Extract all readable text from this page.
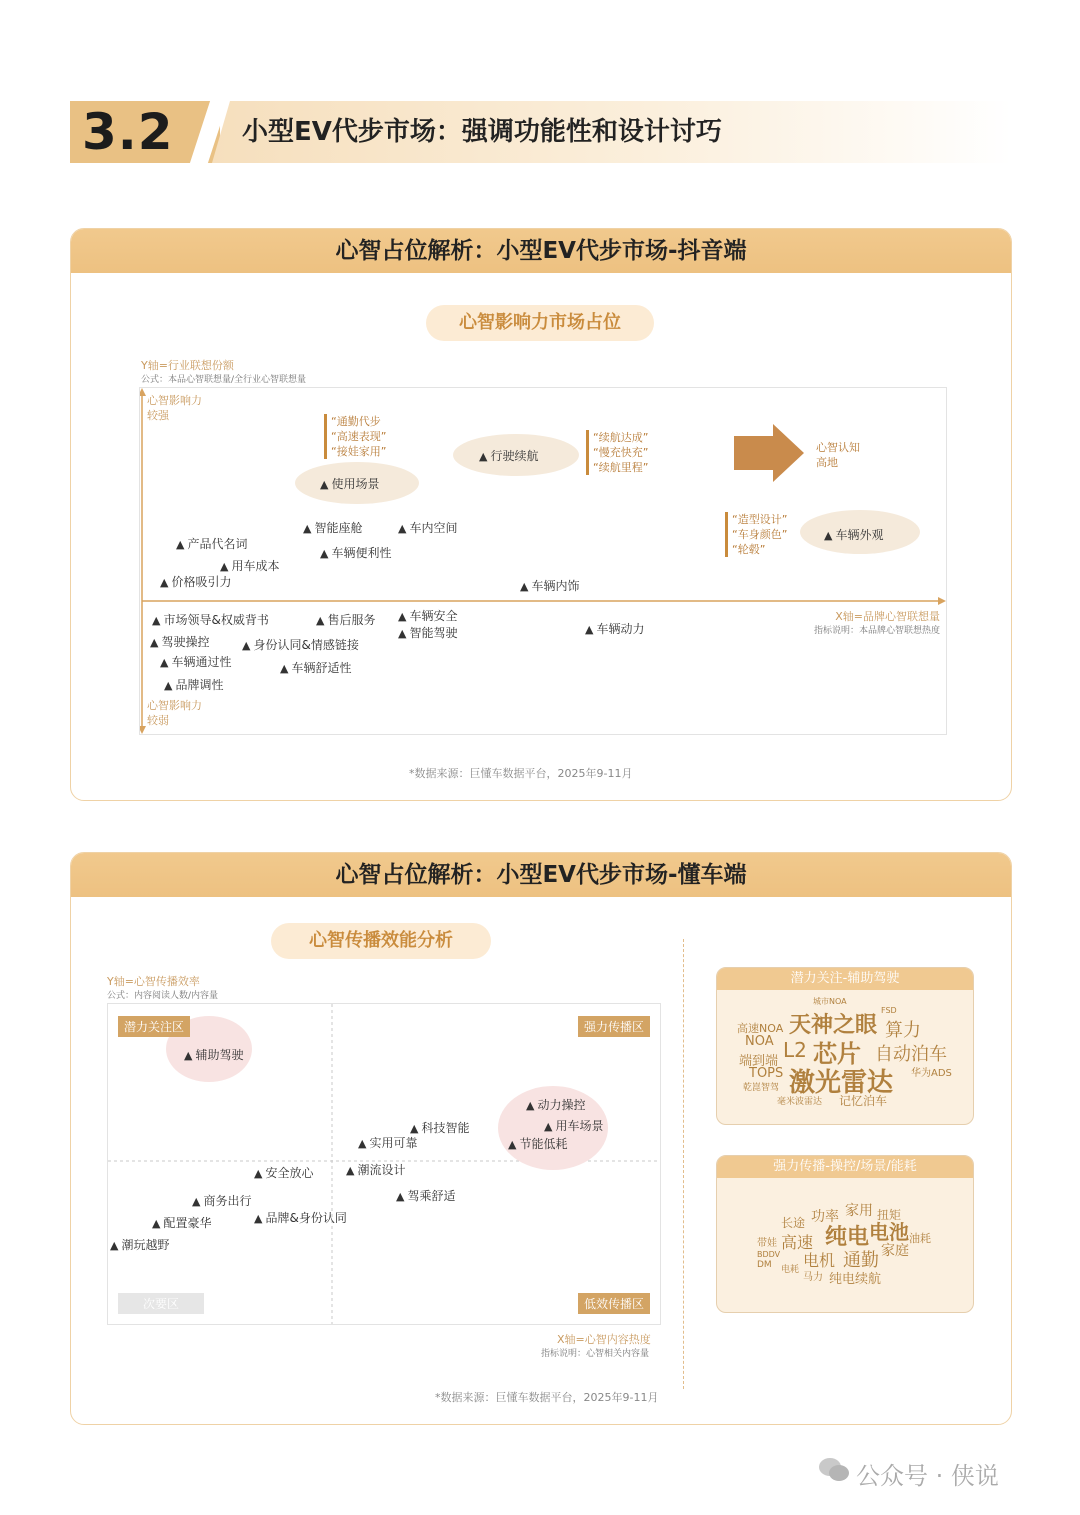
3.2	小型EV代步市场：强调功能性和设计讨巧
心智占位解析：小型EV代步市场-抖音端
心智影响力市场占位
Y轴=行业联想份额
公式：本品心智联想量/全行业心智联想量
心智影响力
较强
心智影响力
较弱
心智认知
高地
X轴=品牌心智联想量
指标说明：本品牌心智联想热度
“通勤代步
“高速表现”
“接娃家用”
“续航达成”
“慢充快充”
“续航里程”
“造型设计”
“车身颜色”
“轮毂”
▲ 使用场景
▲ 行驶续航
▲ 车辆外观
▲ 智能座舱	▲ 车内空间
▲ 车辆便利性
▲ 产品代名词
▲ 用车成本
▲ 价格吸引力	▲ 车辆内饰
▲ 市场领导&权威背书	▲ 售后服务 ▲ 车辆安全
▲ 智能驾驶	▲ 车辆动力
▲ 驾驶操控	▲ 身份认同&情感链接
▲ 车辆通过性	▲ 车辆舒适性
▲ 品牌调性
*数据来源：巨懂车数据平台，2025年9-11月
心智占位解析：小型EV代步市场-懂车端
心智传播效能分析
Y轴=心智传播效率
公式：内容阅读人数/内容量
潜力关注区	强力传播区
次要区	低效传播区
▲ 辅助驾驶
▲ 动力操控
▲ 用车场景
▲ 节能低耗
▲ 科技智能
▲ 实用可靠
▲ 安全放心	▲ 潮流设计
▲ 驾乘舒适
▲ 商务出行
▲ 品牌&身份认同
▲ 配置豪华
▲ 潮玩越野
X轴=心智内容热度
指标说明：心智相关内容量
潜力关注-辅助驾驶
天神之眼 算力
L2 芯片 自动泊车
激光雷达
记忆泊车
高速NOA
NOA
端到端
TOPS	华为ADS
毫米波雷达
乾崑智驾
城市NOA
FSD
强力传播-操控/场景/能耗
纯电 电池
功率 家用
长途
高速
电机 通勤
纯电续航
家庭
扭矩
油耗
马力
带娃
电耗
BDDV
DM
*数据来源：巨懂车数据平台，2025年9-11月
公众号 · 侠说
